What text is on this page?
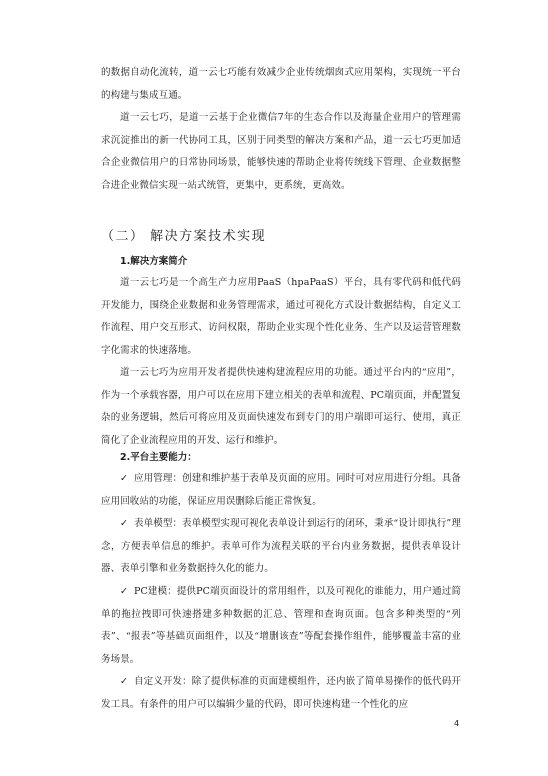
的数据自动化流转，道一云七巧能有效减少企业传统烟囱式应用架构，实现统一平台的构建与集成互通。

道一云七巧，是道一云基于企业微信7年的生态合作以及海量企业用户的管理需求沉淀推出的新一代协同工具，区别于同类型的解决方案和产品，道一云七巧更加适合企业微信用户的日常协同场景，能够快速的帮助企业将传统线下管理、企业数据整合进企业微信实现一站式统管，更集中，更系统，更高效。

（二） 解决方案技术实现
1.解决方案简介

道一云七巧是一个高生产力应用PaaS（hpaPaaS）平台，具有零代码和低代码开发能力，围绕企业数据和业务管理需求，通过可视化方式设计数据结构，自定义工作流程、用户交互形式、访问权限，帮助企业实现个性化业务、生产以及运营管理数字化需求的快速落地。

道一云七巧为应用开发者提供快速构建流程应用的功能。通过平台内的“应用”，作为一个承载容器，用户可以在应用下建立相关的表单和流程、PC端页面，并配置复杂的业务逻辑，然后可将应用及页面快速发布到专门的用户端即可运行、使用，真正简化了企业流程应用的开发、运行和维护。

2.平台主要能力：

✓ 应用管理：创建和维护基于表单及页面的应用。同时可对应用进行分组。具备应用回收站的功能，保证应用误删除后能正常恢复。

✓ 表单模型：表单模型实现可视化表单设计到运行的闭环，秉承“设计即执行”理念，方便表单信息的维护。表单可作为流程关联的平台内业务数据，提供表单设计器、表单引擎和业务数据持久化的能力。

✓ PC建模：提供PC端页面设计的常用组件，以及可视化的谁能力，用户通过简单的拖拉拽即可快速搭建多种数据的汇总、管理和查询页面。包含多种类型的“列表”、“报表”等基础页面组件，以及“增删该查”等配套操作组件，能够覆盖丰富的业务场景。

✓ 自定义开发：除了提供标准的页面建模组件，还内嵌了简单易操作的低代码开发工具。有条件的用户可以编辑少量的代码，即可快速构建一个性化的应

4
